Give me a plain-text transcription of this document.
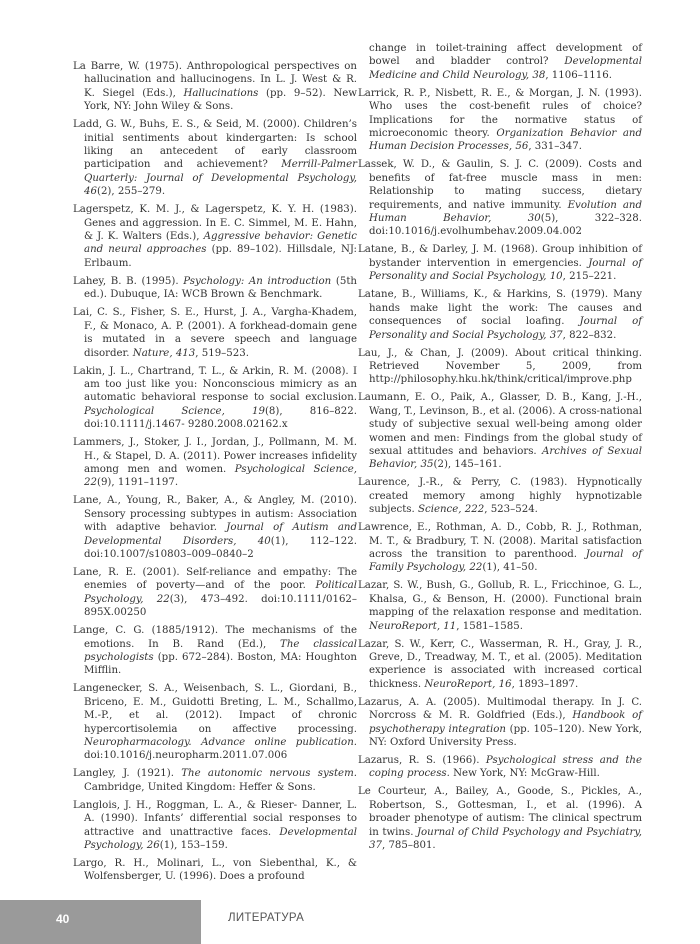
La Barre, W. (1975). Anthropological perspectives on hallucination and hallucinogens. In L. J. West & R. K. Siegel (Eds.), Hallucinations (pp. 9–52). New York, NY: John Wiley & Sons.

Ladd, G. W., Buhs, E. S., & Seid, M. (2000). Children’s initial sentiments about kindergarten: Is school liking an antecedent of early classroom participation and achievement? Merrill-Palmer Quarterly: Journal of Developmental Psychology, 46(2), 255–279.

Lagerspetz, K. M. J., & Lagerspetz, K. Y. H. (1983). Genes and aggression. In E. C. Simmel, M. E. Hahn, & J. K. Walters (Eds.), Aggressive behavior: Genetic and neural approaches (pp. 89–102). Hillsdale, NJ: Erlbaum.

Lahey, B. B. (1995). Psychology: An introduction (5th ed.). Dubuque, IA: WCB Brown & Benchmark.

Lai, C. S., Fisher, S. E., Hurst, J. A., Vargha-Khadem, F., & Monaco, A. P. (2001). A forkhead-domain gene is mutated in a severe speech and language disorder. Nature, 413, 519–523.

Lakin, J. L., Chartrand, T. L., & Arkin, R. M. (2008). I am too just like you: Nonconscious mimicry as an automatic behavioral response to social exclusion. Psychological Science, 19(8), 816–822. doi:10.1111/j.1467- 9280.2008.02162.x

Lammers, J., Stoker, J. I., Jordan, J., Pollmann, M. M. H., & Stapel, D. A. (2011). Power increases infidelity among men and women. Psychological Science, 22(9), 1191–1197.

Lane, A., Young, R., Baker, A., & Angley, M. (2010). Sensory processing subtypes in autism: Association with adaptive behavior. Journal of Autism and Developmental Disorders, 40(1), 112–122. doi:10.1007/s10803–009–0840–2

Lane, R. E. (2001). Self-reliance and empathy: The enemies of poverty—and of the poor. Political Psychology, 22(3), 473–492. doi:10.1111/0162–895X.00250

Lange, C. G. (1885/1912). The mechanisms of the emotions. In B. Rand (Ed.), The classical psychologists (pp. 672–284). Boston, MA: Houghton Mifflin.

Langenecker, S. A., Weisenbach, S. L., Giordani, B., Briceno, E. M., Guidotti Breting, L. M., Schallmo, M.-P., et al. (2012). Impact of chronic hypercortisolemia on affective processing. Neuropharmacology. Advance online publication. doi:10.1016/j.neuropharm.2011.07.006

Langley, J. (1921). The autonomic nervous system. Cambridge, United Kingdom: Heffer & Sons.

Langlois, J. H., Roggman, L. A., & Rieser- Danner, L. A. (1990). Infants’ differential social responses to attractive and unattractive faces. Developmental Psychology, 26(1), 153–159.

Largo, R. H., Molinari, L., von Siebenthal, K., & Wolfensberger, U. (1996). Does a profound

change in toilet-training affect development of bowel and bladder control? Developmental Medicine and Child Neurology, 38, 1106–1116.

Larrick, R. P., Nisbett, R. E., & Morgan, J. N. (1993). Who uses the cost-benefit rules of choice? Implications for the normative status of microeconomic theory. Organization Behavior and Human Decision Processes, 56, 331–347.

Lassek, W. D., & Gaulin, S. J. C. (2009). Costs and benefits of fat-free muscle mass in men: Relationship to mating success, dietary requirements, and native immunity. Evolution and Human Behavior, 30(5), 322–328. doi:10.1016/j.evolhumbehav.2009.04.002

Latane, B., & Darley, J. M. (1968). Group inhibition of bystander intervention in emergencies. Journal of Personality and Social Psychology, 10, 215–221.

Latane, B., Williams, K., & Harkins, S. (1979). Many hands make light the work: The causes and consequences of social loafing. Journal of Personality and Social Psychology, 37, 822–832.

Lau, J., & Chan, J. (2009). About critical thinking. Retrieved November 5, 2009, from http://philosophy.hku.hk/think/critical/improve.php

Laumann, E. O., Paik, A., Glasser, D. B., Kang, J.-H., Wang, T., Levinson, B., et al. (2006). A cross-national study of subjective sexual well-being among older women and men: Findings from the global study of sexual attitudes and behaviors. Archives of Sexual Behavior, 35(2), 145–161.

Laurence, J.-R., & Perry, C. (1983). Hypnotically created memory among highly hypnotizable subjects. Science, 222, 523–524.

Lawrence, E., Rothman, A. D., Cobb, R. J., Rothman, M. T., & Bradbury, T. N. (2008). Marital satisfaction across the transition to parenthood. Journal of Family Psychology, 22(1), 41–50.

Lazar, S. W., Bush, G., Gollub, R. L., Fricchinoe, G. L., Khalsa, G., & Benson, H. (2000). Functional brain mapping of the relaxation response and meditation. NeuroReport, 11, 1581–1585.

Lazar, S. W., Kerr, C., Wasserman, R. H., Gray, J. R., Greve, D., Treadway, M. T., et al. (2005). Meditation experience is associated with increased cortical thickness. NeuroReport, 16, 1893–1897.

Lazarus, A. A. (2005). Multimodal therapy. In J. C. Norcross & M. R. Goldfried (Eds.), Handbook of psychotherapy integration (pp. 105–120). New York, NY: Oxford University Press.

Lazarus, R. S. (1966). Psychological stress and the coping process. New York, NY: McGraw-Hill.

Le Courteur, A., Bailey, A., Goode, S., Pickles, A., Robertson, S., Gottesman, I., et al. (1996). A broader phenotype of autism: The clinical spectrum in twins. Journal of Child Psychology and Psychiatry, 37, 785–801.

40	ЛИТЕРАТУРА
